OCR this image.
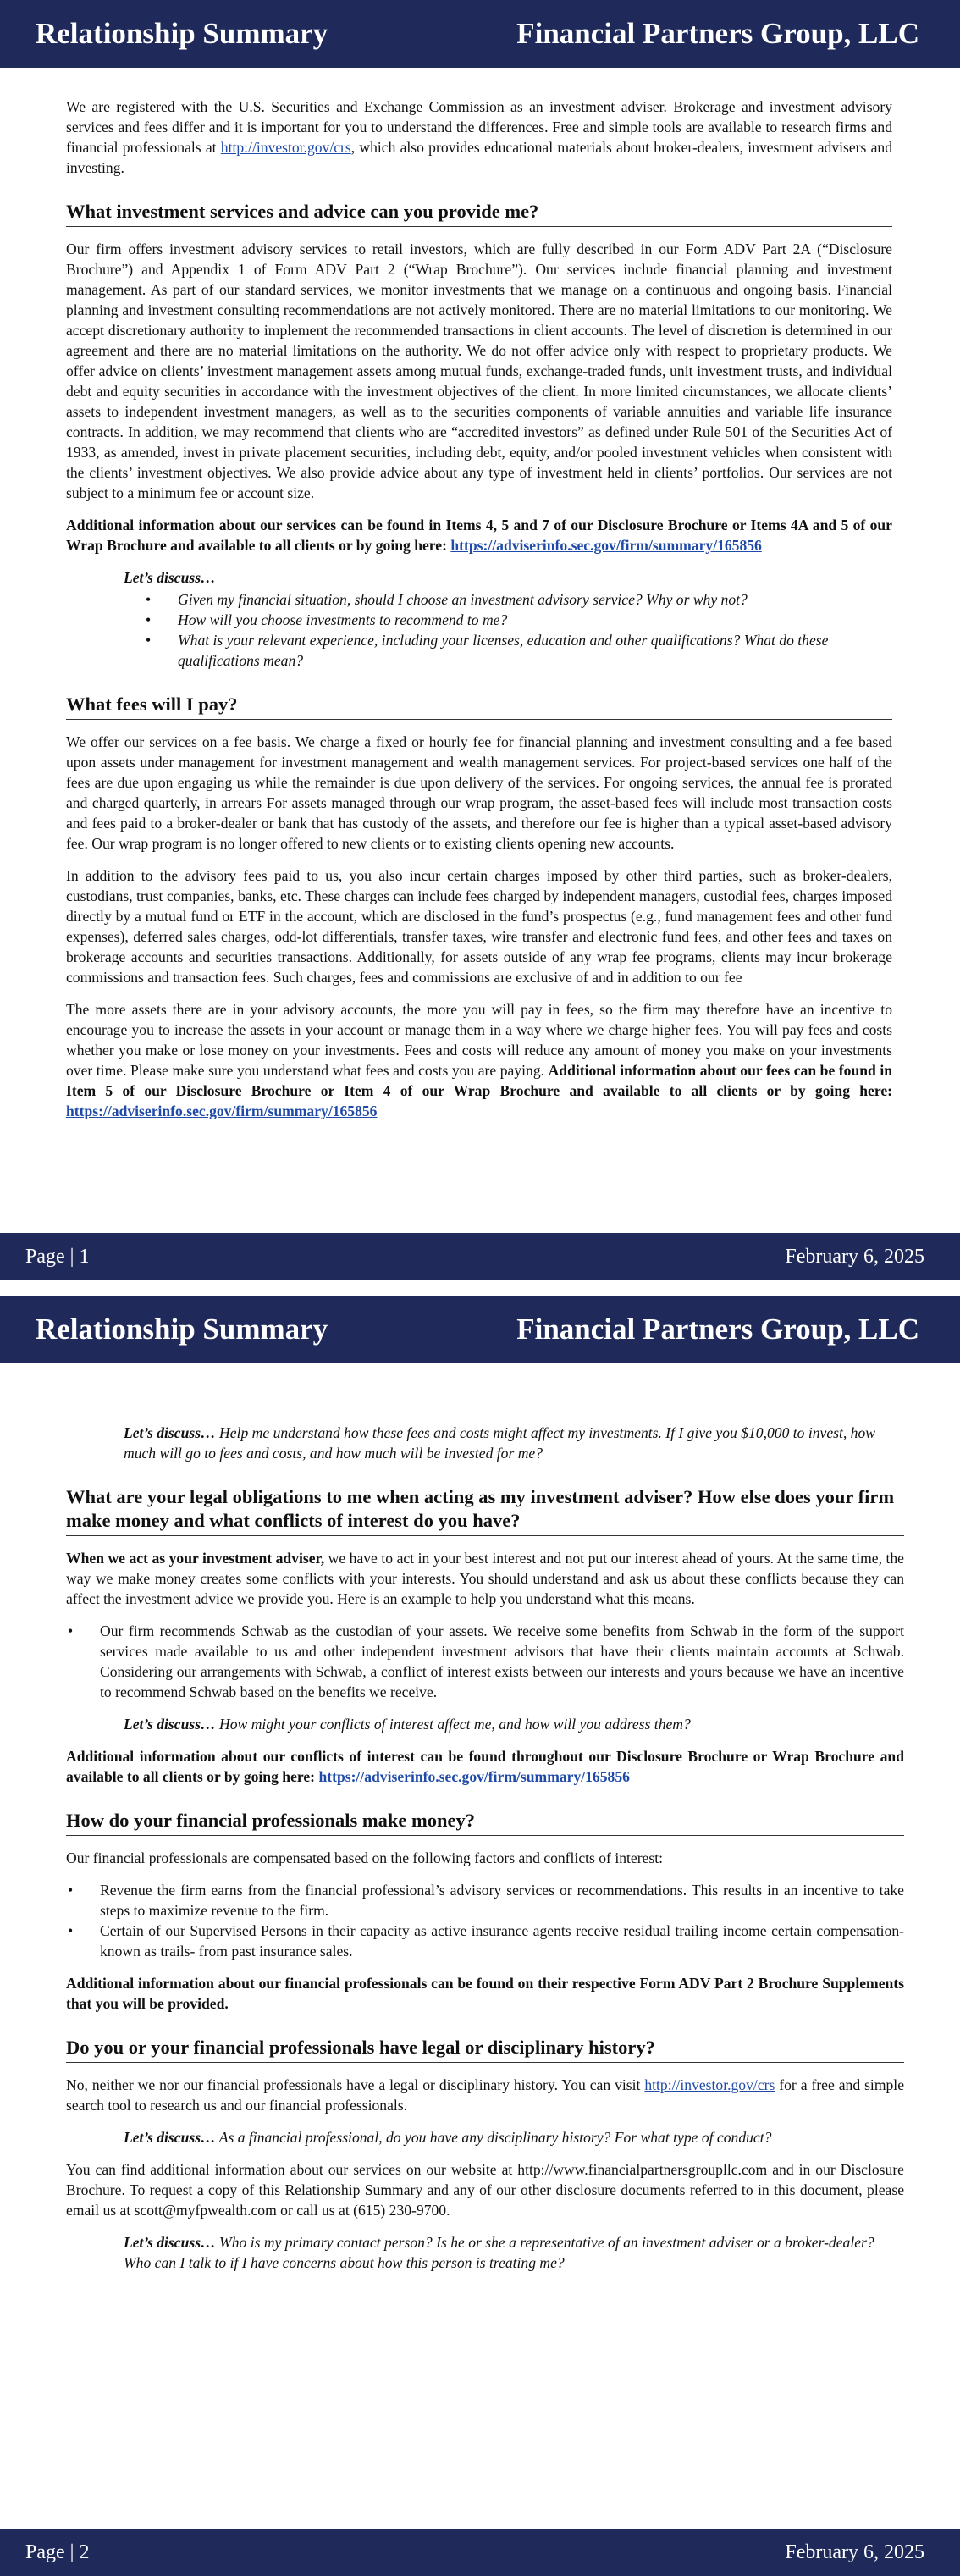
Relationship Summary	Financial Partners Group, LLC

We are registered with the U.S. Securities and Exchange Commission as an investment adviser. Brokerage and investment advisory services and fees differ and it is important for you to understand the differences. Free and simple tools are available to research firms and financial professionals at http://investor.gov/crs, which also provides educational materials about broker-dealers, investment advisers and investing.

What investment services and advice can you provide me?

Our firm offers investment advisory services to retail investors, which are fully described in our Form ADV Part 2A (“Disclosure Brochure”) and Appendix 1 of Form ADV Part 2 (“Wrap Brochure”). Our services include financial planning and investment management. As part of our standard services, we monitor investments that we manage on a continuous and ongoing basis. Financial planning and investment consulting recommendations are not actively monitored. There are no material limitations to our monitoring. We accept discretionary authority to implement the recommended transactions in client accounts. The level of discretion is determined in our agreement and there are no material limitations on the authority. We do not offer advice only with respect to proprietary products. We offer advice on clients’ investment management assets among mutual funds, exchange-traded funds, unit investment trusts, and individual debt and equity securities in accordance with the investment objectives of the client. In more limited circumstances, we allocate clients’ assets to independent investment managers, as well as to the securities components of variable annuities and variable life insurance contracts. In addition, we may recommend that clients who are “accredited investors” as defined under Rule 501 of the Securities Act of 1933, as amended, invest in private placement securities, including debt, equity, and/or pooled investment vehicles when consistent with the clients’ investment objectives. We also provide advice about any type of investment held in clients’ portfolios. Our services are not subject to a minimum fee or account size.

Additional information about our services can be found in Items 4, 5 and 7 of our Disclosure Brochure or Items 4A and 5 of our Wrap Brochure and available to all clients or by going here: https://adviserinfo.sec.gov/firm/summary/165856

Let’s discuss…
• Given my financial situation, should I choose an investment advisory service? Why or why not?
• How will you choose investments to recommend to me?
• What is your relevant experience, including your licenses, education and other qualifications? What do these qualifications mean?
What fees will I pay?

We offer our services on a fee basis. We charge a fixed or hourly fee for financial planning and investment consulting and a fee based upon assets under management for investment management and wealth management services. For project-based services one half of the fees are due upon engaging us while the remainder is due upon delivery of the services. For ongoing services, the annual fee is prorated and charged quarterly, in arrears For assets managed through our wrap program, the asset-based fees will include most transaction costs and fees paid to a broker-dealer or bank that has custody of the assets, and therefore our fee is higher than a typical asset-based advisory fee. Our wrap program is no longer offered to new clients or to existing clients opening new accounts.

In addition to the advisory fees paid to us, you also incur certain charges imposed by other third parties, such as broker-dealers, custodians, trust companies, banks, etc. These charges can include fees charged by independent managers, custodial fees, charges imposed directly by a mutual fund or ETF in the account, which are disclosed in the fund’s prospectus (e.g., fund management fees and other fund expenses), deferred sales charges, odd-lot differentials, transfer taxes, wire transfer and electronic fund fees, and other fees and taxes on brokerage accounts and securities transactions. Additionally, for assets outside of any wrap fee programs, clients may incur brokerage commissions and transaction fees. Such charges, fees and commissions are exclusive of and in addition to our fee

The more assets there are in your advisory accounts, the more you will pay in fees, so the firm may therefore have an incentive to encourage you to increase the assets in your account or manage them in a way where we charge higher fees. You will pay fees and costs whether you make or lose money on your investments. Fees and costs will reduce any amount of money you make on your investments over time. Please make sure you understand what fees and costs you are paying. Additional information about our fees can be found in Item 5 of our Disclosure Brochure or Item 4 of our Wrap Brochure and available to all clients or by going here: https://adviserinfo.sec.gov/firm/summary/165856

Page | 1	February 6, 2025
Relationship Summary	Financial Partners Group, LLC
Let’s discuss… Help me understand how these fees and costs might affect my investments. If I give you $10,000 to invest, how much will go to fees and costs, and how much will be invested for me?
What are your legal obligations to me when acting as my investment adviser? How else does your firm make money and what conflicts of interest do you have?

When we act as your investment adviser, we have to act in your best interest and not put our interest ahead of yours. At the same time, the way we make money creates some conflicts with your interests. You should understand and ask us about these conflicts because they can affect the investment advice we provide you. Here is an example to help you understand what this means.

• Our firm recommends Schwab as the custodian of your assets. We receive some benefits from Schwab in the form of the support services made available to us and other independent investment advisors that have their clients maintain accounts at Schwab. Considering our arrangements with Schwab, a conflict of interest exists between our interests and yours because we have an incentive to recommend Schwab based on the benefits we receive.
Let’s discuss… How might your conflicts of interest affect me, and how will you address them?

Additional information about our conflicts of interest can be found throughout our Disclosure Brochure or Wrap Brochure and available to all clients or by going here: https://adviserinfo.sec.gov/firm/summary/165856

How do your financial professionals make money?

Our financial professionals are compensated based on the following factors and conflicts of interest:

• Revenue the firm earns from the financial professional’s advisory services or recommendations. This results in an incentive to take steps to maximize revenue to the firm.
• Certain of our Supervised Persons in their capacity as active insurance agents receive residual trailing income certain compensation- known as trails- from past insurance sales.

Additional information about our financial professionals can be found on their respective Form ADV Part 2 Brochure Supplements that you will be provided.

Do you or your financial professionals have legal or disciplinary history?

No, neither we nor our financial professionals have a legal or disciplinary history. You can visit http://investor.gov/crs for a free and simple search tool to research us and our financial professionals.

Let’s discuss… As a financial professional, do you have any disciplinary history? For what type of conduct?

You can find additional information about our services on our website at http://www.financialpartnersgroupllc.com and in our Disclosure Brochure. To request a copy of this Relationship Summary and any of our other disclosure documents referred to in this document, please email us at scott@myfpwealth.com or call us at (615) 230-9700.

Let’s discuss… Who is my primary contact person? Is he or she a representative of an investment adviser or a broker-dealer? Who can I talk to if I have concerns about how this person is treating me?
Page | 2	February 6, 2025
